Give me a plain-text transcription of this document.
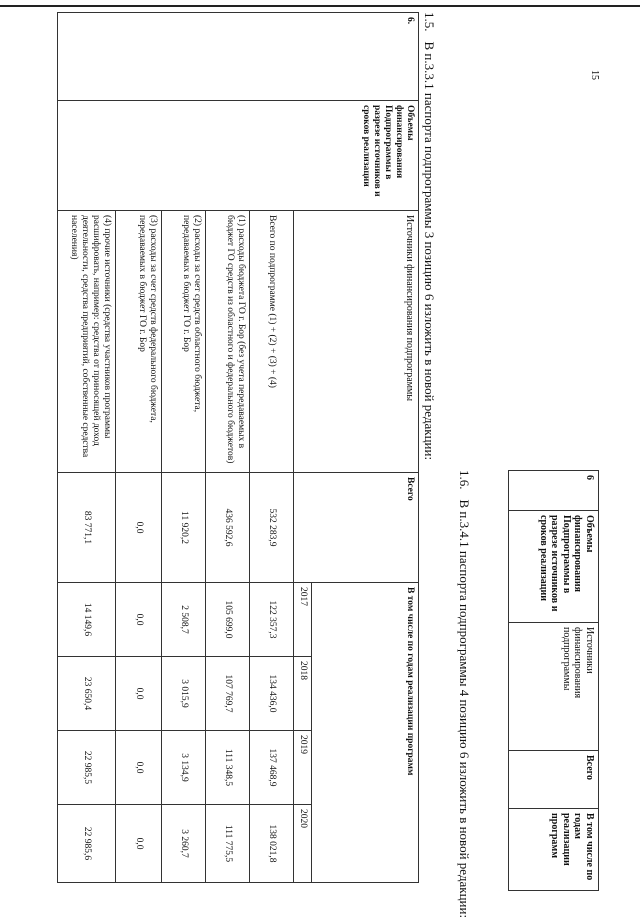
15

1.5.В п.3.3.1 паспорта подпрограммы 3 позицию 6 изложить в новой редакции:

6.	Объемы финансирования Подпрограммы в разрезе источников и сроков реализации	Источники финансирования подпрограммы	Всего	В том числе по годам реализации программ			
				2017	2018	2019	2020
		Всего по подпрограмме (1) + (2) + (3) + (4)	532 283,9	122 357,3	134 436,0	137 468,9	138 021,8
		(1) расходы бюджета ГО г. Бор (без учета передаваемых в бюджет ГО средств из областного и федерального бюджетов)	436 592,6	105 699,0	107 769,7	111 348,5	111 775,5
		(2) расходы за счет средств областного бюджета, передаваемых в бюджет ГО г. Бор	11 920,2	2 508,7	3 015,9	3 134,9	3 260,7
		(3) расходы за счет средств федерального бюджета, передаваемых в бюджет ГО г. Бор	0,0	0,0	0,0	0,0	0,0
		(4) прочие источники (средства участников программы расшифровать, например: средства от приносящей доход деятельности, средства предприятий, собственные средства населения)	83 771,1	14 149,6	23 650,4	22 985,5	22 985,6
6	Объемы финансирования Подпрограммы в разрезе источников и сроков реализации	Источники финансирования подпрограммы	Всего	В том числе по годам реализации программ

1.6.В п.3.4.1 паспорта подпрограммы 4 позицию 6 изложить в новой редакции:
